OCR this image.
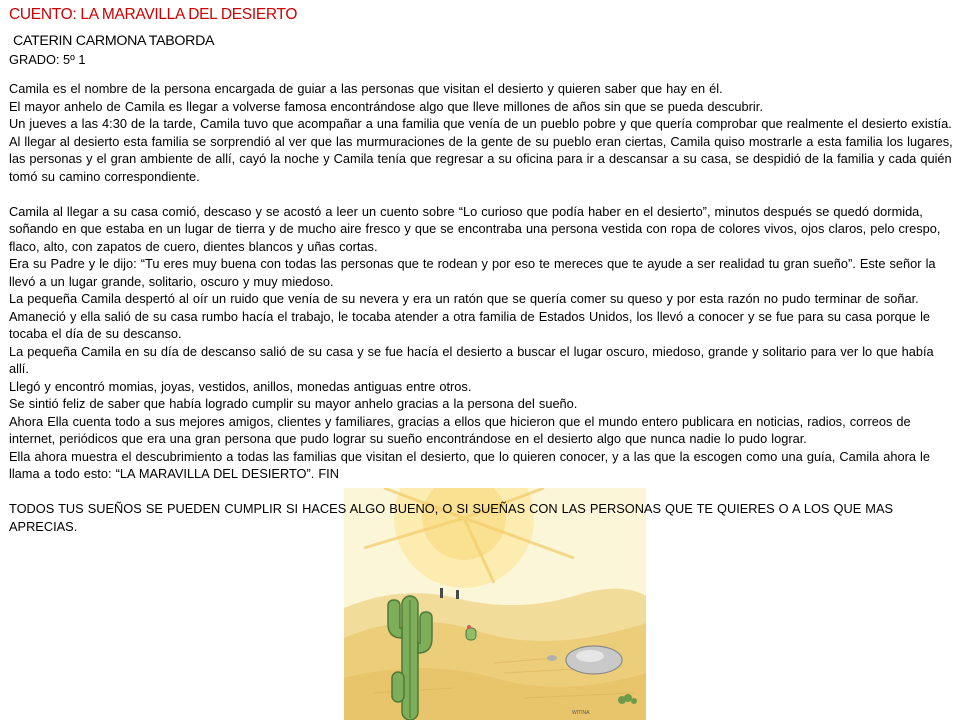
WITINA
CUENTO: LA MARAVILLA DEL DESIERTO
CATERIN CARMONA TABORDA
GRADO: 5º 1

Camila es el nombre de la persona encargada de guiar a las personas que visitan el desierto y quieren saber que hay en él.

El mayor anhelo de Camila es llegar a volverse famosa encontrándose algo que lleve millones de años sin que se pueda descubrir.

Un jueves a las 4:30 de la tarde, Camila tuvo que acompañar a una familia que venía de un pueblo pobre y que quería comprobar que realmente el desierto existía.

Al llegar al desierto esta familia se sorprendió al ver que las murmuraciones de la gente de su pueblo eran ciertas, Camila quiso mostrarle a esta familia los lugares, las personas y el gran ambiente de allí, cayó la noche y Camila tenía que regresar a su oficina para ir a descansar a su casa, se despidió de la familia y cada quién tomó su camino correspondiente.

Camila al llegar a su casa comió, descaso y se acostó a leer un cuento sobre “Lo curioso que podía haber en el desierto”, minutos después se quedó dormida, soñando en que estaba en un lugar de tierra y de mucho aire fresco y que se encontraba una persona vestida con ropa de colores vivos, ojos claros, pelo crespo, flaco, alto, con zapatos de cuero, dientes blancos y uñas cortas.

Era su Padre y le dijo: “Tu eres muy buena con todas las personas que te rodean y por eso te mereces que te ayude a ser realidad tu gran sueño”. Este señor la llevó a un lugar grande, solitario, oscuro y muy miedoso.

La pequeña Camila despertó al oír un ruido que venía de su nevera y era un ratón que se quería comer su queso y por esta razón no pudo terminar de soñar.

Amaneció y ella salió de su casa rumbo hacía el trabajo, le tocaba atender a otra familia de Estados Unidos, los llevó a conocer y se fue para su casa porque le tocaba el día de su descanso.

La pequeña Camila en su día de descanso salió de su casa y se fue hacía el desierto a buscar el lugar oscuro, miedoso, grande y solitario para ver lo que había allí.

Llegó y encontró momias, joyas, vestidos, anillos, monedas antiguas entre otros.

Se sintió feliz de saber que había logrado cumplir su mayor anhelo gracias a la persona del sueño.

Ahora Ella cuenta todo a sus mejores amigos, clientes y familiares, gracias a ellos que hicieron que el mundo entero publicara en noticias, radios, correos de internet, periódicos que era una gran persona que pudo lograr su sueño encontrándose en el desierto algo que nunca nadie lo pudo lograr.

Ella ahora muestra el descubrimiento a todas las familias que visitan el desierto, que lo quieren conocer, y a las que la escogen como una guía, Camila ahora le llama a todo esto: “LA MARAVILLA DEL DESIERTO”. FIN

TODOS TUS SUEÑOS SE PUEDEN CUMPLIR SI HACES ALGO BUENO, O SI SUEÑAS CON LAS PERSONAS QUE TE QUIERES O A LOS QUE MAS APRECIAS.
